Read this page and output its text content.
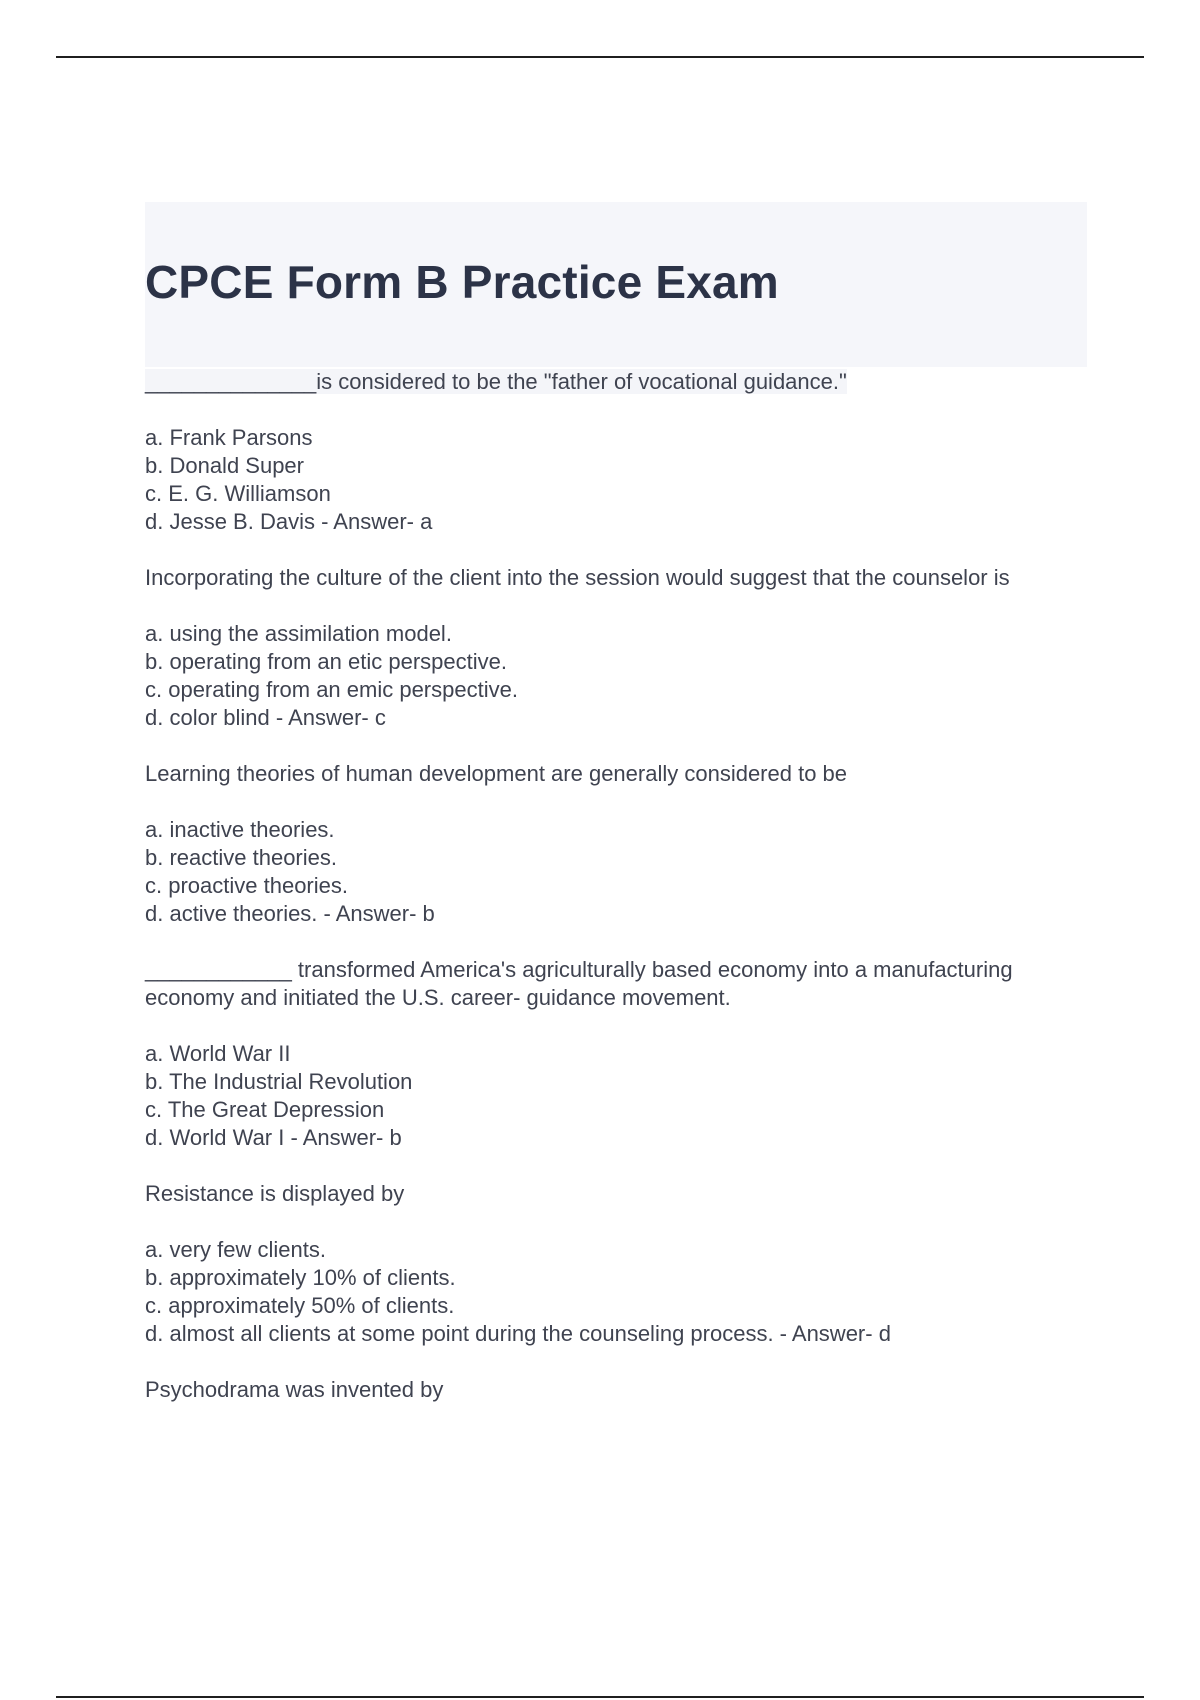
CPCE Form B Practice Exam

______________is considered to be the "father of vocational guidance."

a. Frank Parsons
b. Donald Super
c. E. G. Williamson
d. Jesse B. Davis - Answer- a

Incorporating the culture of the client into the session would suggest that the counselor is

a. using the assimilation model.
b. operating from an etic perspective.
c. operating from an emic perspective.
d. color blind - Answer- c

Learning theories of human development are generally considered to be

a. inactive theories.
b. reactive theories.
c. proactive theories.
d. active theories. - Answer- b

____________ transformed America's agriculturally based economy into a manufacturing economy and initiated the U.S. career- guidance movement.

a. World War II
b. The Industrial Revolution
c. The Great Depression
d. World War I - Answer- b

Resistance is displayed by

a. very few clients.
b. approximately 10% of clients.
c. approximately 50% of clients.
d. almost all clients at some point during the counseling process. - Answer- d

Psychodrama was invented by
